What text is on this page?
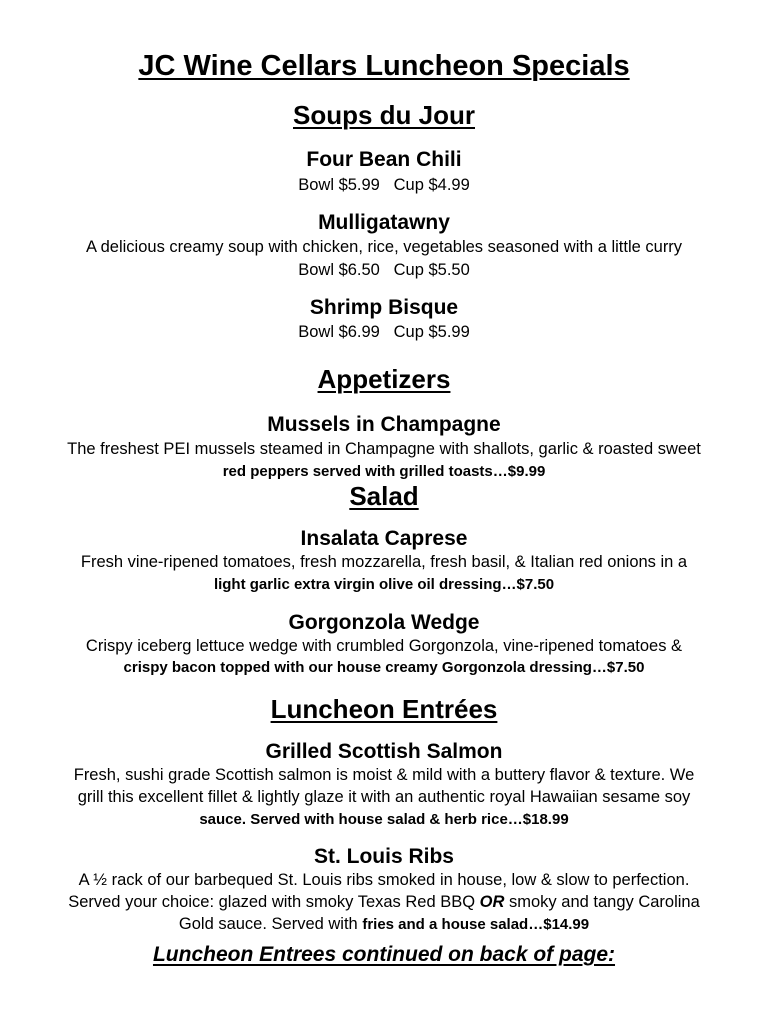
JC Wine Cellars Luncheon Specials
Soups du Jour
Four Bean Chili
Bowl $5.99 Cup $4.99
Mulligatawny
A delicious creamy soup with chicken, rice, vegetables seasoned with a little curry
Bowl $6.50 Cup $5.50
Shrimp Bisque
Bowl $6.99 Cup $5.99
Appetizers
Mussels in Champagne
The freshest PEI mussels steamed in Champagne with shallots, garlic & roasted sweet
red peppers served with grilled toasts…$9.99
Salad
Insalata Caprese
Fresh vine-ripened tomatoes, fresh mozzarella, fresh basil, & Italian red onions in a
light garlic extra virgin olive oil dressing…$7.50
Gorgonzola Wedge
Crispy iceberg lettuce wedge with crumbled Gorgonzola, vine-ripened tomatoes &
crispy bacon topped with our house creamy Gorgonzola dressing…$7.50
Luncheon Entrées
Grilled Scottish Salmon
Fresh, sushi grade Scottish salmon is moist & mild with a buttery flavor & texture. We
grill this excellent fillet & lightly glaze it with an authentic royal Hawaiian sesame soy
sauce. Served with house salad & herb rice…$18.99
St. Louis Ribs
A ½ rack of our barbequed St. Louis ribs smoked in house, low & slow to perfection.
Served your choice: glazed with smoky Texas Red BBQ OR smoky and tangy Carolina
Gold sauce. Served with fries and a house salad…$14.99
Luncheon Entrees continued on back of page:
